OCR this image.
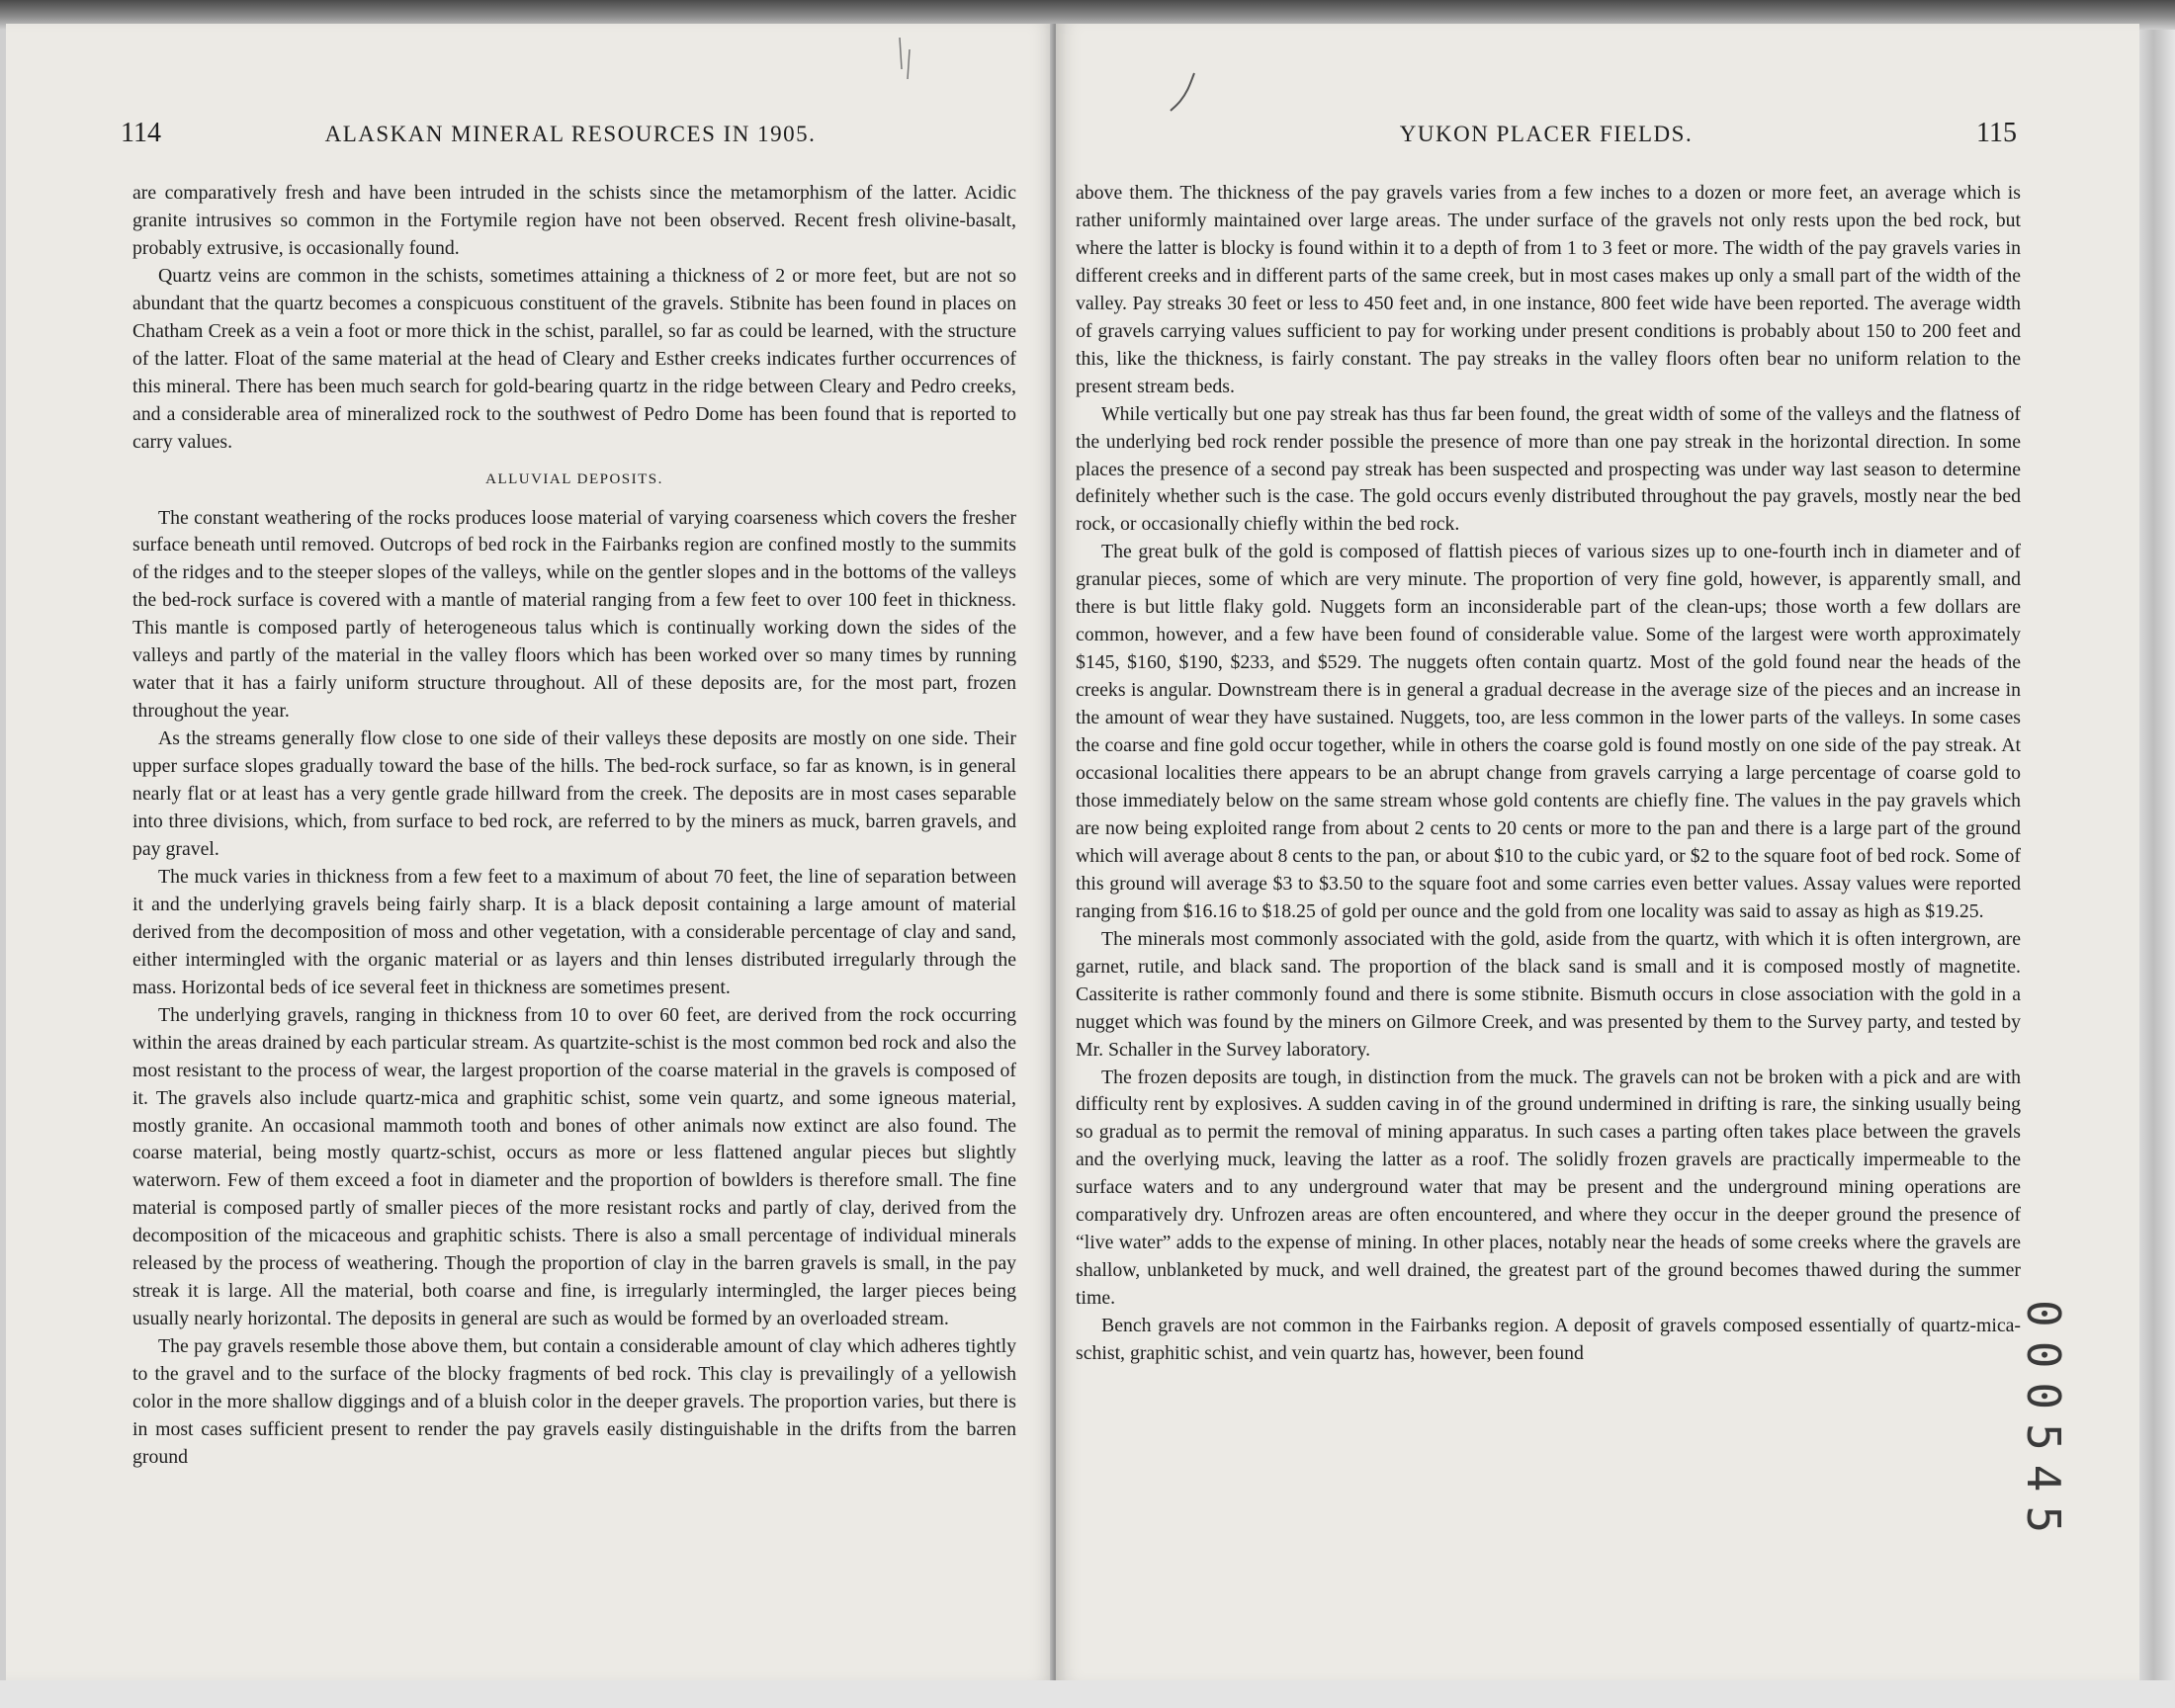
114	ALASKAN MINERAL RESOURCES IN 1905.

are comparatively fresh and have been intruded in the schists since the metamorphism of the latter. Acidic granite intrusives so common in the Fortymile region have not been observed. Recent fresh olivine-basalt, probably extrusive, is occasionally found.

Quartz veins are common in the schists, sometimes attaining a thickness of 2 or more feet, but are not so abundant that the quartz becomes a conspicuous constituent of the gravels. Stibnite has been found in places on Chatham Creek as a vein a foot or more thick in the schist, parallel, so far as could be learned, with the structure of the latter. Float of the same material at the head of Cleary and Esther creeks indicates further occurrences of this mineral. There has been much search for gold-bearing quartz in the ridge between Cleary and Pedro creeks, and a considerable area of mineralized rock to the southwest of Pedro Dome has been found that is reported to carry values.

ALLUVIAL DEPOSITS.

The constant weathering of the rocks produces loose material of varying coarseness which covers the fresher surface beneath until removed. Outcrops of bed rock in the Fairbanks region are confined mostly to the summits of the ridges and to the steeper slopes of the valleys, while on the gentler slopes and in the bottoms of the valleys the bed-rock surface is covered with a mantle of material ranging from a few feet to over 100 feet in thickness. This mantle is composed partly of heterogeneous talus which is continually working down the sides of the valleys and partly of the material in the valley floors which has been worked over so many times by running water that it has a fairly uniform structure throughout. All of these deposits are, for the most part, frozen throughout the year.

As the streams generally flow close to one side of their valleys these deposits are mostly on one side. Their upper surface slopes gradually toward the base of the hills. The bed-rock surface, so far as known, is in general nearly flat or at least has a very gentle grade hillward from the creek. The deposits are in most cases separable into three divisions, which, from surface to bed rock, are referred to by the miners as muck, barren gravels, and pay gravel.

The muck varies in thickness from a few feet to a maximum of about 70 feet, the line of separation between it and the underlying gravels being fairly sharp. It is a black deposit containing a large amount of material derived from the decomposition of moss and other vegetation, with a considerable percentage of clay and sand, either intermingled with the organic material or as layers and thin lenses distributed irregularly through the mass. Horizontal beds of ice several feet in thickness are sometimes present.

The underlying gravels, ranging in thickness from 10 to over 60 feet, are derived from the rock occurring within the areas drained by each particular stream. As quartzite-schist is the most common bed rock and also the most resistant to the process of wear, the largest proportion of the coarse material in the gravels is composed of it. The gravels also include quartz-mica and graphitic schist, some vein quartz, and some igneous material, mostly granite. An occasional mammoth tooth and bones of other animals now extinct are also found. The coarse material, being mostly quartz-schist, occurs as more or less flattened angular pieces but slightly waterworn. Few of them exceed a foot in diameter and the proportion of bowlders is therefore small. The fine material is composed partly of smaller pieces of the more resistant rocks and partly of clay, derived from the decomposition of the micaceous and graphitic schists. There is also a small percentage of individual minerals released by the process of weathering. Though the proportion of clay in the barren gravels is small, in the pay streak it is large. All the material, both coarse and fine, is irregularly intermingled, the larger pieces being usually nearly horizontal. The deposits in general are such as would be formed by an overloaded stream.

The pay gravels resemble those above them, but contain a considerable amount of clay which adheres tightly to the gravel and to the surface of the blocky fragments of bed rock. This clay is prevailingly of a yellowish color in the more shallow diggings and of a bluish color in the deeper gravels. The proportion varies, but there is in most cases sufficient present to render the pay gravels easily distinguishable in the drifts from the barren ground

YUKON PLACER FIELDS.	115

above them. The thickness of the pay gravels varies from a few inches to a dozen or more feet, an average which is rather uniformly maintained over large areas. The under surface of the gravels not only rests upon the bed rock, but where the latter is blocky is found within it to a depth of from 1 to 3 feet or more. The width of the pay gravels varies in different creeks and in different parts of the same creek, but in most cases makes up only a small part of the width of the valley. Pay streaks 30 feet or less to 450 feet and, in one instance, 800 feet wide have been reported. The average width of gravels carrying values sufficient to pay for working under present conditions is probably about 150 to 200 feet and this, like the thickness, is fairly constant. The pay streaks in the valley floors often bear no uniform relation to the present stream beds.

While vertically but one pay streak has thus far been found, the great width of some of the valleys and the flatness of the underlying bed rock render possible the presence of more than one pay streak in the horizontal direction. In some places the presence of a second pay streak has been suspected and prospecting was under way last season to determine definitely whether such is the case. The gold occurs evenly distributed throughout the pay gravels, mostly near the bed rock, or occasionally chiefly within the bed rock.

The great bulk of the gold is composed of flattish pieces of various sizes up to one-fourth inch in diameter and of granular pieces, some of which are very minute. The proportion of very fine gold, however, is apparently small, and there is but little flaky gold. Nuggets form an inconsiderable part of the clean-ups; those worth a few dollars are common, however, and a few have been found of considerable value. Some of the largest were worth approximately $145, $160, $190, $233, and $529. The nuggets often contain quartz. Most of the gold found near the heads of the creeks is angular. Downstream there is in general a gradual decrease in the average size of the pieces and an increase in the amount of wear they have sustained. Nuggets, too, are less common in the lower parts of the valleys. In some cases the coarse and fine gold occur together, while in others the coarse gold is found mostly on one side of the pay streak. At occasional localities there appears to be an abrupt change from gravels carrying a large percentage of coarse gold to those immediately below on the same stream whose gold contents are chiefly fine. The values in the pay gravels which are now being exploited range from about 2 cents to 20 cents or more to the pan and there is a large part of the ground which will average about 8 cents to the pan, or about $10 to the cubic yard, or $2 to the square foot of bed rock. Some of this ground will average $3 to $3.50 to the square foot and some carries even better values. Assay values were reported ranging from $16.16 to $18.25 of gold per ounce and the gold from one locality was said to assay as high as $19.25.

The minerals most commonly associated with the gold, aside from the quartz, with which it is often intergrown, are garnet, rutile, and black sand. The proportion of the black sand is small and it is composed mostly of magnetite. Cassiterite is rather commonly found and there is some stibnite. Bismuth occurs in close association with the gold in a nugget which was found by the miners on Gilmore Creek, and was presented by them to the Survey party, and tested by Mr. Schaller in the Survey laboratory.

The frozen deposits are tough, in distinction from the muck. The gravels can not be broken with a pick and are with difficulty rent by explosives. A sudden caving in of the ground undermined in drifting is rare, the sinking usually being so gradual as to permit the removal of mining apparatus. In such cases a parting often takes place between the gravels and the overlying muck, leaving the latter as a roof. The solidly frozen gravels are practically impermeable to the surface waters and to any underground water that may be present and the underground mining operations are comparatively dry. Unfrozen areas are often encountered, and where they occur in the deeper ground the presence of “live water” adds to the expense of mining. In other places, notably near the heads of some creeks where the gravels are shallow, unblanketed by muck, and well drained, the greatest part of the ground becomes thawed during the summer time.

Bench gravels are not common in the Fairbanks region. A deposit of gravels composed essentially of quartz-mica-schist, graphitic schist, and vein quartz has, however, been found	000545
